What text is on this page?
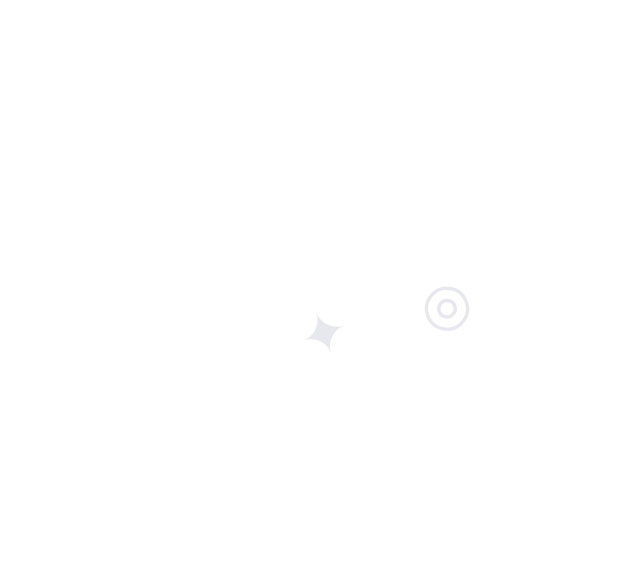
✦ ◎
